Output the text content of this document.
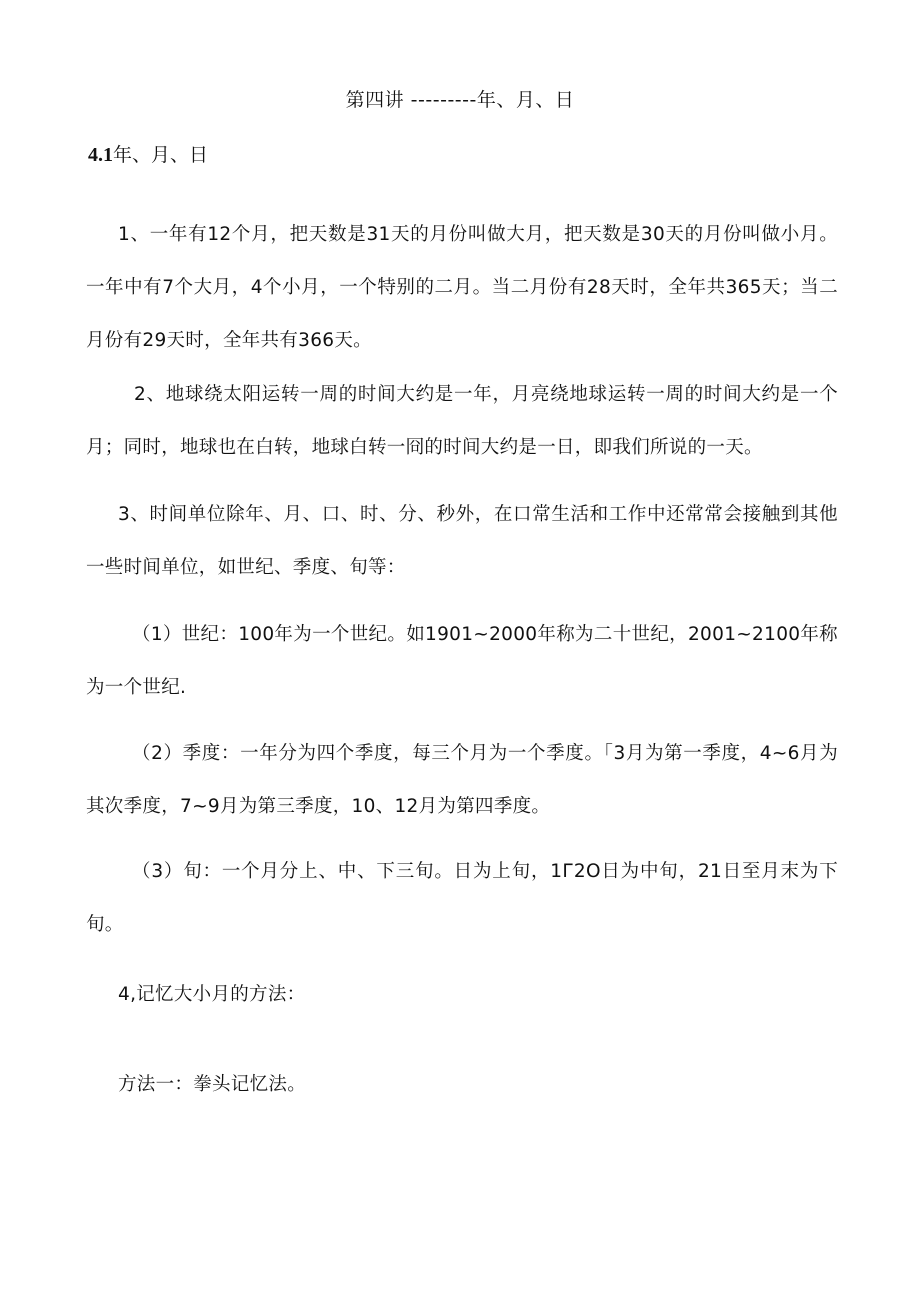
第四讲 ---------年、月、日
4.1年、月、日

1、一年有12个月，把天数是31天的月份叫做大月，把天数是30天的月份叫做小月。一年中有7个大月，4个小月，一个特别的二月。当二月份有28天时，全年共365天；当二月份有29天时，全年共有366天。

2、地球绕太阳运转一周的时间大约是一年，月亮绕地球运转一周的时间大约是一个月；同时，地球也在白转，地球白转一冏的时间大约是一日，即我们所说的一天。

3、时间单位除年、月、口、时、分、秒外，在口常生活和工作中还常常会接触到其他一些时间单位，如世纪、季度、旬等：

（1）世纪：100年为一个世纪。如1901~2000年称为二十世纪，2001~2100年称为一个世纪.

（2）季度：一年分为四个季度，每三个月为一个季度。「3月为第一季度，4~6月为其次季度，7~9月为第三季度，10、12月为第四季度。

（3）旬：一个月分上、中、下三旬。日为上旬，1Г2O日为中旬，21日至月末为下旬。

4,记忆大小月的方法：

方法一：拳头记忆法。
